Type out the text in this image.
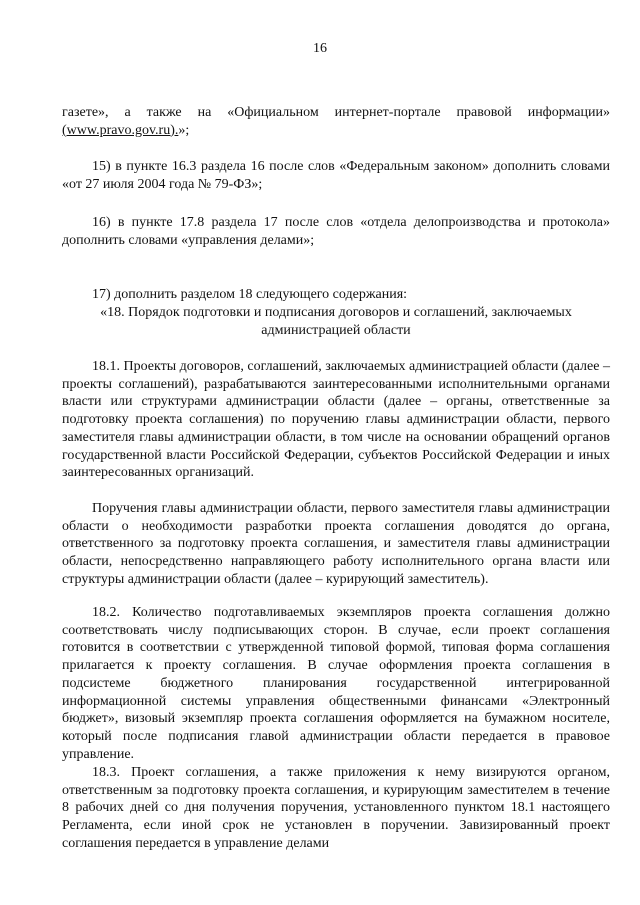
16
газете», а также на «Официальном интернет-портале правовой информации» (www.pravo.gov.ru).»;
15) в пункте 16.3 раздела 16 после слов «Федеральным законом» дополнить словами «от 27 июля 2004 года № 79-ФЗ»;
16) в пункте 17.8 раздела 17 после слов «отдела делопроизводства и протокола» дополнить словами «управления делами»;
17) дополнить разделом 18 следующего содержания:
«18. Порядок подготовки и подписания договоров и соглашений, заключаемых
администрацией области
18.1. Проекты договоров, соглашений, заключаемых администрацией области (далее – проекты соглашений), разрабатываются заинтересованными исполнительными органами власти или структурами администрации области (далее – органы, ответственные за подготовку проекта соглашения) по поручению главы администрации области, первого заместителя главы администрации области, в том числе на основании обращений органов государственной власти Российской Федерации, субъектов Российской Федерации и иных заинтересованных организаций.
Поручения главы администрации области, первого заместителя главы администрации области о необходимости разработки проекта соглашения доводятся до органа, ответственного за подготовку проекта соглашения, и заместителя главы администрации области, непосредственно направляющего работу исполнительного органа власти или структуры администрации области (далее – курирующий заместитель).
18.2. Количество подготавливаемых экземпляров проекта соглашения должно соответствовать числу подписывающих сторон. В случае, если проект соглашения готовится в соответствии с утвержденной типовой формой, типовая форма соглашения прилагается к проекту соглашения. В случае оформления проекта соглашения в подсистеме бюджетного планирования государственной интегрированной информационной системы управления общественными финансами «Электронный бюджет», визовый экземпляр проекта соглашения оформляется на бумажном носителе, который после подписания главой администрации области передается в правовое управление.
18.3. Проект соглашения, а также приложения к нему визируются органом, ответственным за подготовку проекта соглашения, и курирующим заместителем в течение 8 рабочих дней со дня получения поручения, установленного пунктом 18.1 настоящего Регламента, если иной срок не установлен в поручении. Завизированный проект соглашения передается в управление делами
